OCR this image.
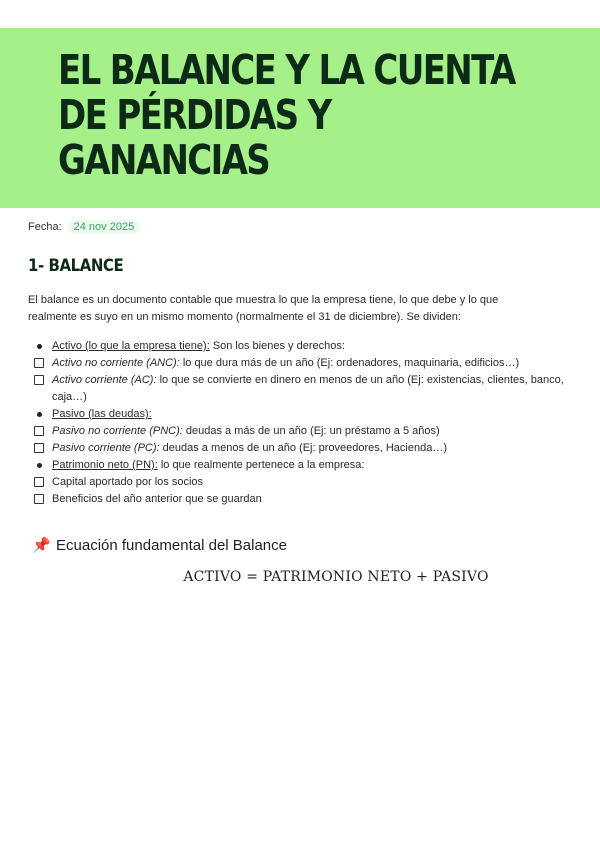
EL BALANCE Y LA CUENTA DE PÉRDIDAS Y GANANCIAS
Fecha:	24 nov 2025
1- BALANCE

El balance es un documento contable que muestra lo que la empresa tiene, lo que debe y lo que realmente es suyo en un mismo momento (normalmente el 31 de diciembre). Se dividen:

Activo (lo que la empresa tiene): Son los bienes y derechos:
Activo no corriente (ANC): lo que dura más de un año (Ej: ordenadores, maquinaria, edificios…)
Activo corriente (AC): lo que se convierte en dinero en menos de un año (Ej: existencias, clientes, banco, caja…)
Pasivo (las deudas):
Pasivo no corriente (PNC): deudas a más de un año (Ej: un préstamo a 5 años)
Pasivo corriente (PC): deudas a menos de un año (Ej: proveedores, Hacienda…)
Patrimonio neto (PN): lo que realmente pertenece a la empresa:
Capital aportado por los socios
Beneficios del año anterior que se guardan
📌 Ecuación fundamental del Balance
ACTIVO = PATRIMONIO NETO + PASIVO
